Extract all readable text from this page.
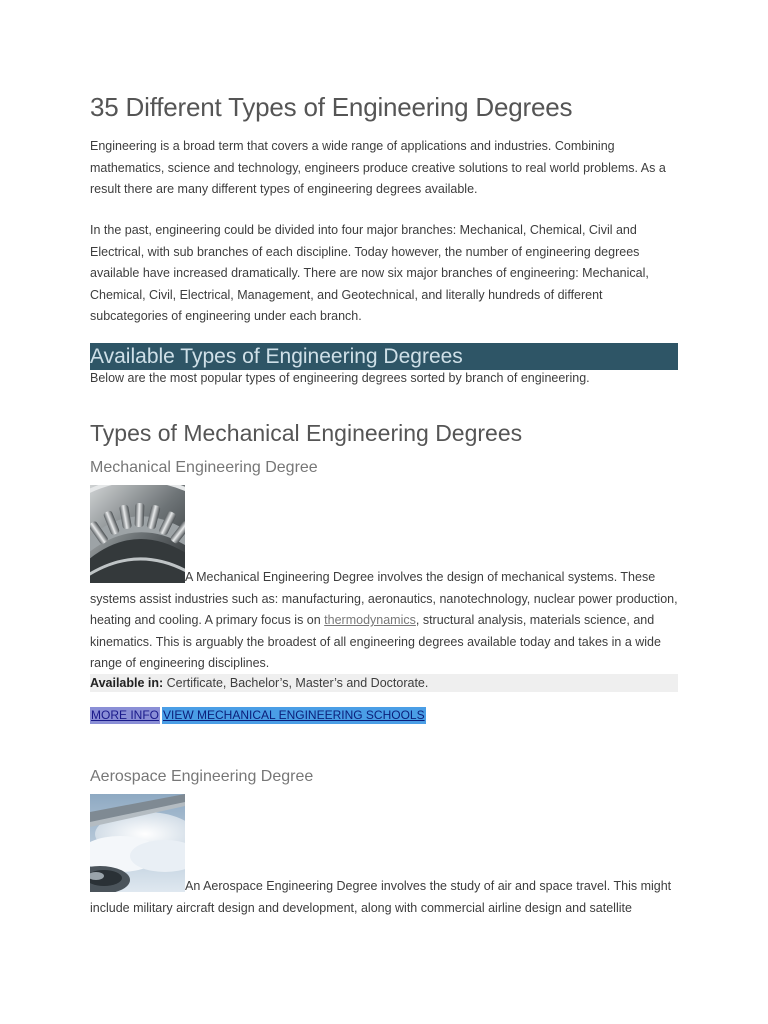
35 Different Types of Engineering Degrees

Engineering is a broad term that covers a wide range of applications and industries. Combining mathematics, science and technology, engineers produce creative solutions to real world problems. As a result there are many different types of engineering degrees available.

In the past, engineering could be divided into four major branches: Mechanical, Chemical, Civil and Electrical, with sub branches of each discipline. Today however, the number of engineering degrees available have increased dramatically. There are now six major branches of engineering: Mechanical, Chemical, Civil, Electrical, Management, and Geotechnical, and literally hundreds of different subcategories of engineering under each branch.

Available Types of Engineering Degrees

Below are the most popular types of engineering degrees sorted by branch of engineering.

Types of Mechanical Engineering Degrees
Mechanical Engineering Degree

A Mechanical Engineering Degree involves the design of mechanical systems. These systems assist industries such as: manufacturing, aeronautics, nanotechnology, nuclear power production, heating and cooling. A primary focus is on thermodynamics, structural analysis, materials science, and kinematics. This is arguably the broadest of all engineering degrees available today and takes in a wide range of engineering disciplines.

Available in: Certificate, Bachelor’s, Master’s and Doctorate.
MORE INFO VIEW MECHANICAL ENGINEERING SCHOOLS
Aerospace Engineering Degree

An Aerospace Engineering Degree involves the study of air and space travel. This might include military aircraft design and development, along with commercial airline design and satellite
